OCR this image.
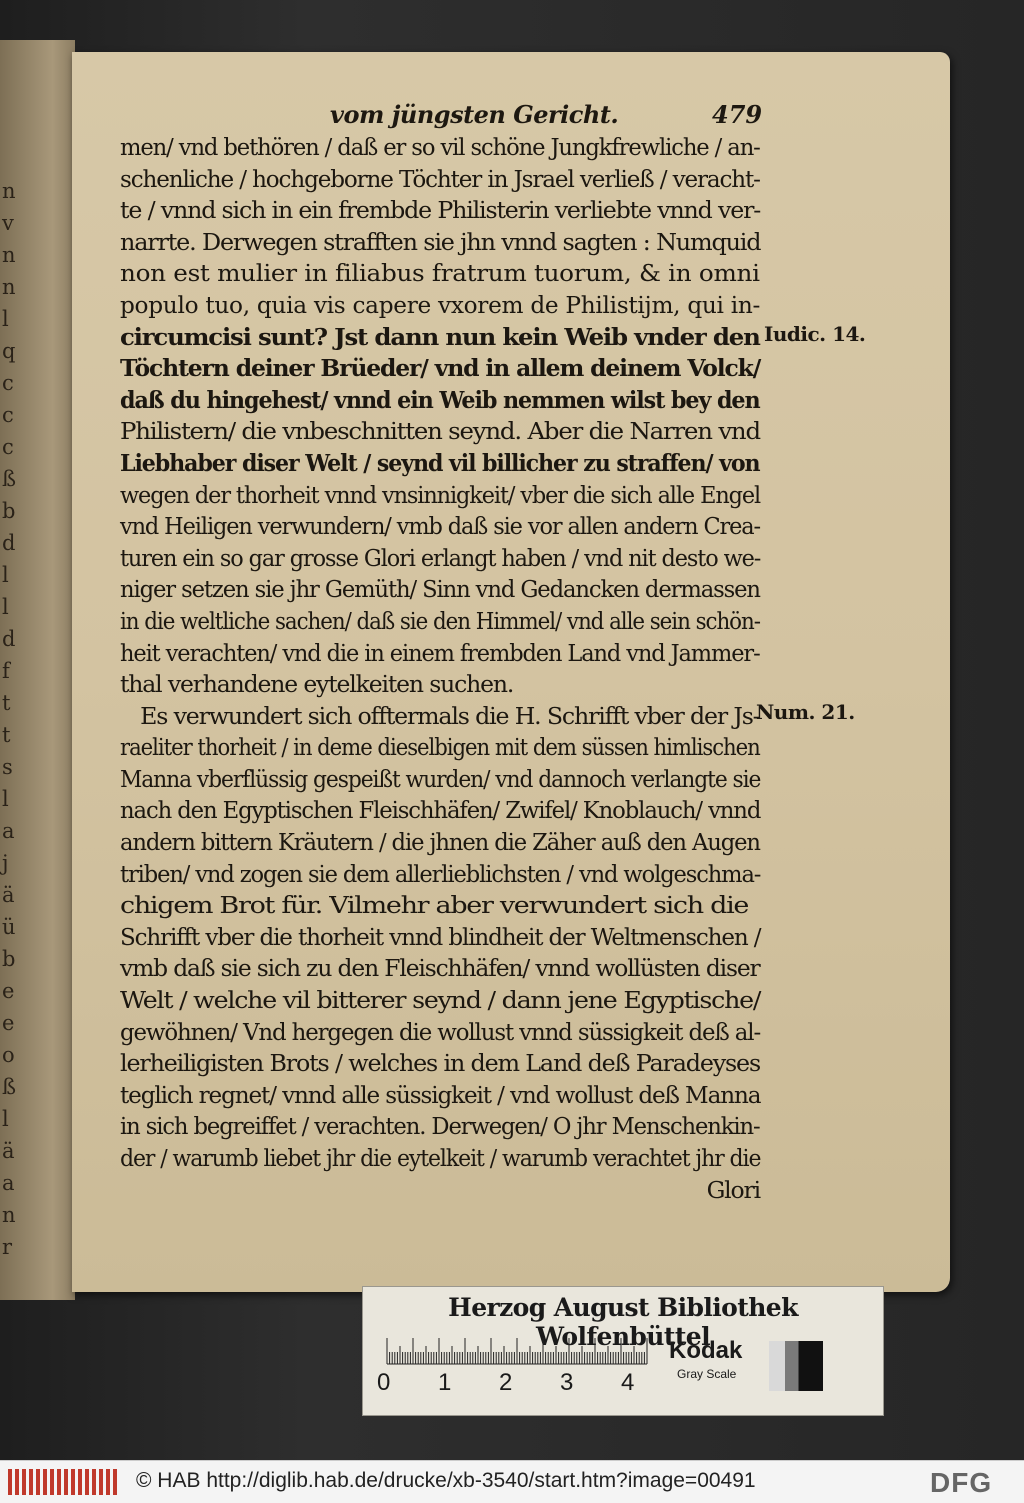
n
v
n
n
l
q
c
c
c
ß
b
d
l
l
d
f
t
t
s
l
a
j
ä
ü
b
e
e
o
ß
l
ä
a
n
r
vom jüngsten Gericht.	479
men/ vnd bethören / daß er so vil schöne Jungkfrewliche / an-
schenliche / hochgeborne Töchter in Jsrael verließ / veracht-
te / vnnd sich in ein frembde Philisterin verliebte vnnd ver-
narrte. Derwegen strafften sie jhn vnnd sagten : Numquid
non est mulier in filiabus fratrum tuorum, & in omni
populo tuo, quia vis capere vxorem de Philistijm, qui in-
circumcisi sunt? Jst dann nun kein Weib vnder den
Töchtern deiner Brüeder/ vnd in allem deinem Volck/
daß du hingehest/ vnnd ein Weib nemmen wilst bey den
Philistern/ die vnbeschnitten seynd. Aber die Narren vnd
Liebhaber diser Welt / seynd vil billicher zu straffen/ von
wegen der thorheit vnnd vnsinnigkeit/ vber die sich alle Engel
vnd Heiligen verwundern/ vmb daß sie vor allen andern Crea-
turen ein so gar grosse Glori erlangt haben / vnd nit desto we-
niger setzen sie jhr Gemüth/ Sinn vnd Gedancken dermassen
in die weltliche sachen/ daß sie den Himmel/ vnd alle sein schön-
heit verachten/ vnd die in einem frembden Land vnd Jammer-
thal verhandene eytelkeiten suchen.
Es verwundert sich offtermals die H. Schrifft vber der Js-
raeliter thorheit / in deme dieselbigen mit dem süssen himlischen
Manna vberflüssig gespeißt wurden/ vnd dannoch verlangte sie
nach den Egyptischen Fleischhäfen/ Zwifel/ Knoblauch/ vnnd
andern bittern Kräutern / die jhnen die Zäher auß den Augen
triben/ vnd zogen sie dem allerlieblichsten / vnd wolgeschma-
chigem Brot für. Vilmehr aber verwundert sich die
Schrifft vber die thorheit vnnd blindheit der Weltmenschen /
vmb daß sie sich zu den Fleischhäfen/ vnnd wollüsten diser
Welt / welche vil bitterer seynd / dann jene Egyptische/
gewöhnen/ Vnd hergegen die wollust vnnd süssigkeit deß al-
lerheiligisten Brots / welches in dem Land deß Paradeyses
teglich regnet/ vnnd alle süssigkeit / vnd wollust deß Manna
in sich begreiffet / verachten. Derwegen/ O jhr Menschenkin-
der / warumb liebet jhr die eytelkeit / warumb verachtet jhr die
Glori
Iudic. 14.
Num. 21.
Herzog August Bibliothek Wolfenbüttel
0 1 2 3 4
Kodak
Gray Scale
© HAB http://diglib.hab.de/drucke/xb-3540/start.htm?image=00491	DFG
